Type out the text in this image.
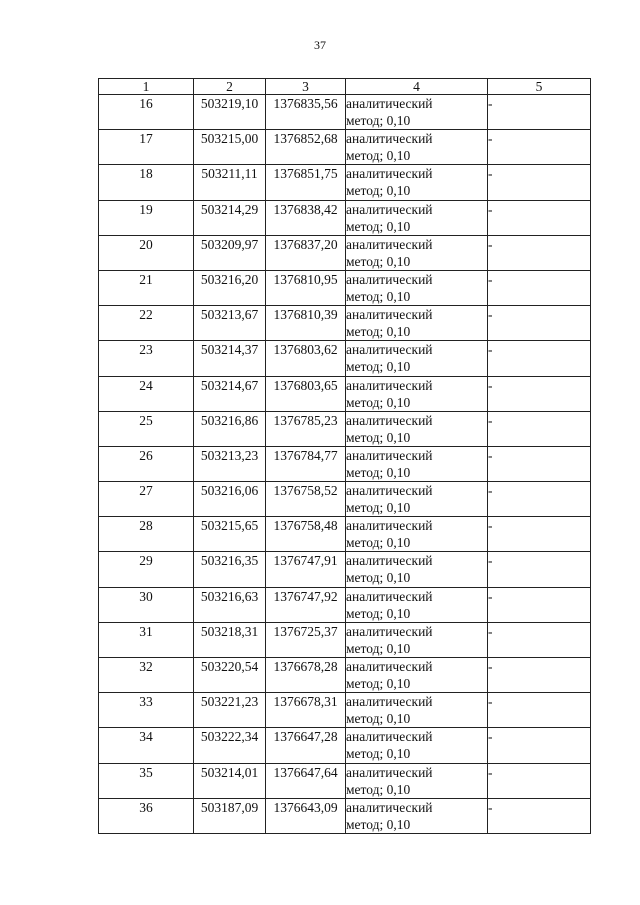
37
1	2	3	4	5
16	503219,10	1376835,56	аналитический
метод; 0,10	-
17	503215,00	1376852,68	аналитический
метод; 0,10	-
18	503211,11	1376851,75	аналитический
метод; 0,10	-
19	503214,29	1376838,42	аналитический
метод; 0,10	-
20	503209,97	1376837,20	аналитический
метод; 0,10	-
21	503216,20	1376810,95	аналитический
метод; 0,10	-
22	503213,67	1376810,39	аналитический
метод; 0,10	-
23	503214,37	1376803,62	аналитический
метод; 0,10	-
24	503214,67	1376803,65	аналитический
метод; 0,10	-
25	503216,86	1376785,23	аналитический
метод; 0,10	-
26	503213,23	1376784,77	аналитический
метод; 0,10	-
27	503216,06	1376758,52	аналитический
метод; 0,10	-
28	503215,65	1376758,48	аналитический
метод; 0,10	-
29	503216,35	1376747,91	аналитический
метод; 0,10	-
30	503216,63	1376747,92	аналитический
метод; 0,10	-
31	503218,31	1376725,37	аналитический
метод; 0,10	-
32	503220,54	1376678,28	аналитический
метод; 0,10	-
33	503221,23	1376678,31	аналитический
метод; 0,10	-
34	503222,34	1376647,28	аналитический
метод; 0,10	-
35	503214,01	1376647,64	аналитический
метод; 0,10	-
36	503187,09	1376643,09	аналитический
метод; 0,10	-
